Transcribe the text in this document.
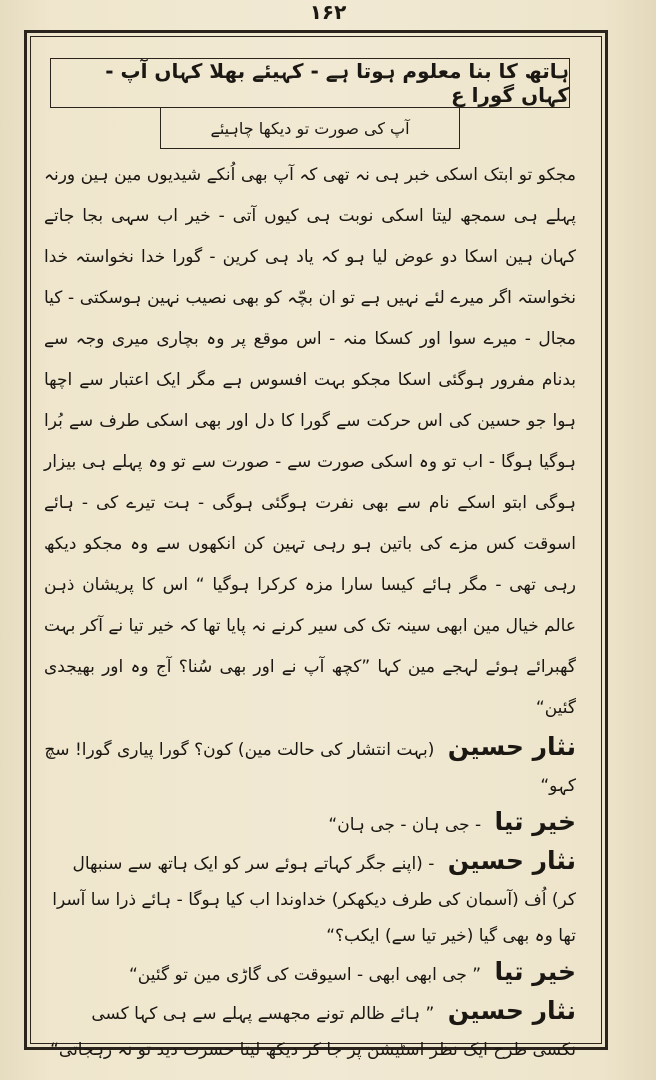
۱۶۲
ہاتھ کا بنا معلوم ہوتا ہے - کہیئے بھلا کہاں آپ - کہاں گورا ع
آپ کی صورت تو دیکھا چاہیئے
مجکو تو ابتک اسکی خبر ہی نہ تھی کہ آپ بھی اُنکے شیدیوں مین ہین ورنہ پہلے ہی سمجھ لیتا اسکی نوبت ہی کیوں آتی - خیر اب سہی بجا جاتے کہان ہین اسکا دو عوض لیا ہو کہ یاد ہی کرین - گورا خدا نخواستہ خدا نخواستہ اگر میرے لئے نہیں ہے تو ان بچّہ کو بھی نصیب نہین ہوسکتی - کیا مجال - میرے سوا اور کسکا منہ - اس موقع پر وہ بچاری میری وجہ سے بدنام مفرور ہوگئی اسکا مجکو بہت افسوس ہے مگر ایک اعتبار سے اچھا ہوا جو حسین کی اس حرکت سے گورا کا دل اور بھی اسکی طرف سے بُرا ہوگیا ہوگا - اب تو وہ اسکی صورت سے - صورت سے تو وہ پہلے ہی بیزار ہوگی ابتو اسکے نام سے بھی نفرت ہوگئی ہوگی - ہت تیرے کی - ہائے اسوقت کس مزے کی باتین ہو رہی تہین کن انکھوں سے وہ مجکو دیکھ رہی تھی - مگر ہائے کیسا سارا مزہ کرکرا ہوگیا “ اس کا پریشان ذہن عالم خیال مین ابھی سینہ تک کی سیر کرنے نہ پایا تھا کہ خیر تیا نے آکر بہت گھبرائے ہوئے لہجے مین کہا ”کچھ آپ نے اور بھی سُنا؟ آج وہ اور بھیجدی گئین“
نثار حسین (بہت انتشار کی حالت مین) کون؟ گورا پیاری گورا! سچ کہو“
خیر تیا - جی ہان - جی ہان“
نثار حسین - (اپنے جگر کہاتے ہوئے سر کو ایک ہاتھ سے سنبھال کر) اُف (آسمان کی طرف دیکھکر) خداوندا اب کیا ہوگا - ہائے ذرا سا آسرا تھا وہ بھی گیا (خیر تیا سے) ایکب؟“
خیر تیا ” جی ابھی ابھی - اسیوقت کی گاڑی مین تو گئین“
نثار حسین ” ہائے ظالم تونے مجھسے پہلے سے ہی کہا کسی نکسی طرح ایک نظر اسٹیشن پر جا کر دیکھ لیتا حسرت دید تو نہ رہجاتی“
